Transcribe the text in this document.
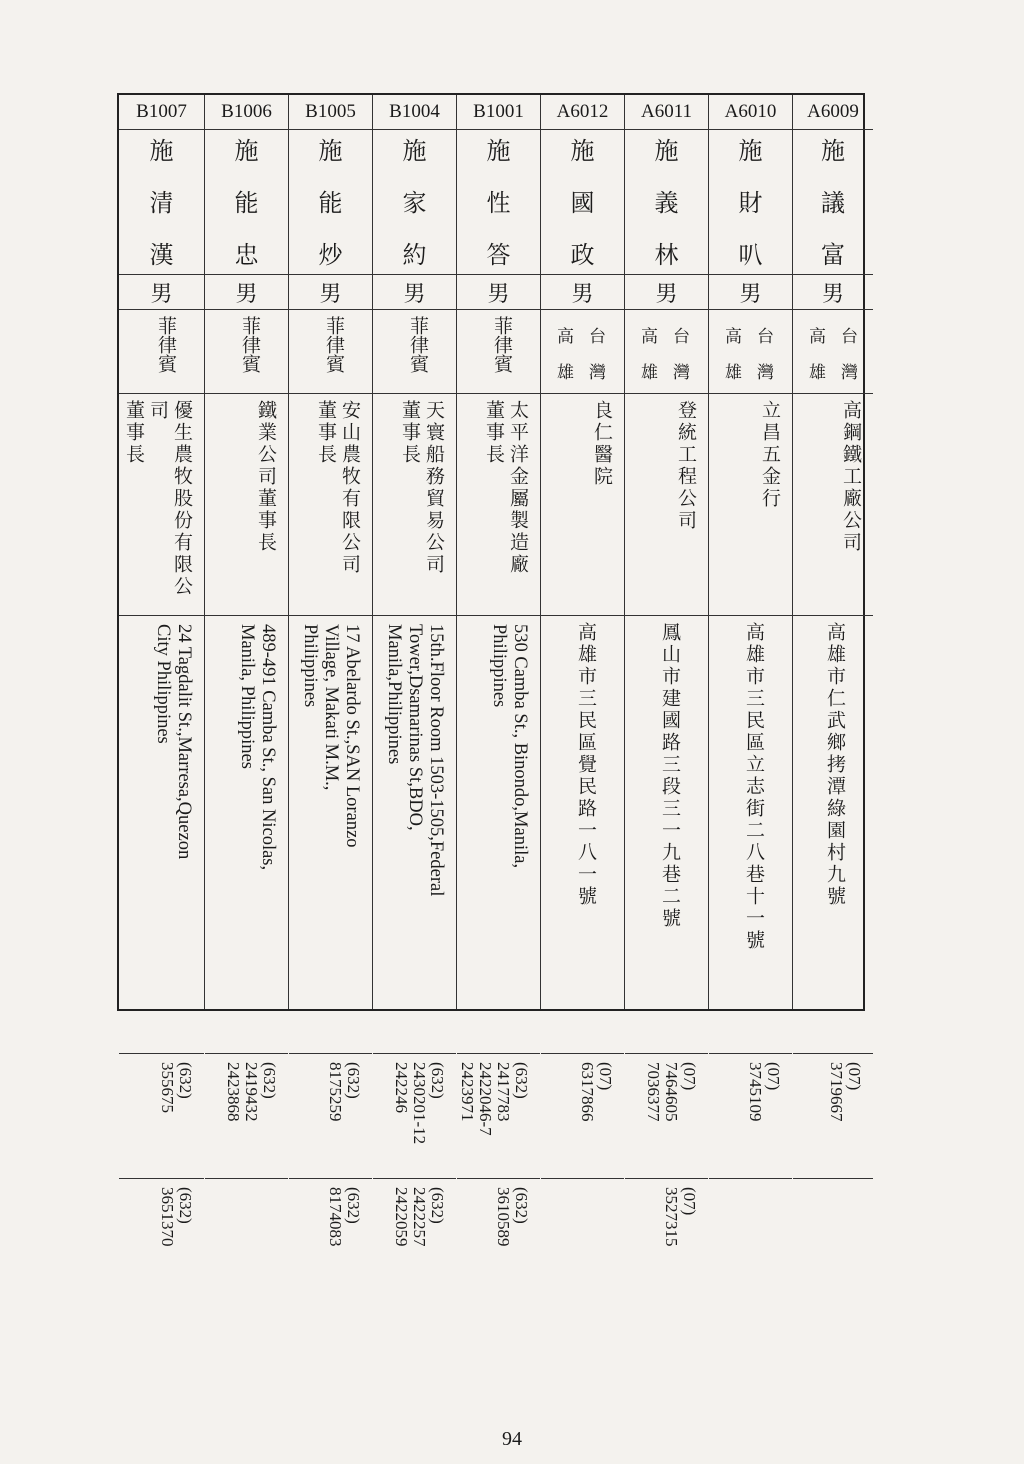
B1007
施
清
漢
男
菲律賓
優生農牧股份有限公
司
董事長
24 Tagdalit St.,Marresa,Quezon
City Philippines
(632)
355675
(632)
3651370
B1006
施
能
忠
男
菲律賓
鐵業公司董事長
489-491 Camba St., San Nicolas,
Manila, Philippines
(632)
2419432
2423868
B1005
施
能
炒
男
菲律賓
安山農牧有限公司
董事長
17 Abelardo St.,SAN Loranzo
Village, Makati M.M.,
Philippines
(632)
8175259
(632)
8174083
B1004
施
家
約
男
菲律賓
天寰船務貿易公司
董事長
15th.Floor Room 1503-1505,Federal
Tower,Dsamarinas St,BDO,
Manila,Philippines
(632)
2430201-12
242246
(632)
2422257
2422059
B1001
施
性
答
男
菲律賓
太平洋金屬製造廠
董事長
530 Camba St., Binondo,Manila,
Philippines
(632)
2417783
2422046-7
2423971
(632)
3610589
A6012
施
國
政
男
台
灣
高
雄
良仁醫院
高雄市三民區覺民路一八一號
(07)
6317866
A6011
施
義
林
男
台
灣
高
雄
登統工程公司
鳳山市建國路三段三一九巷二號
(07)
7464605
7036377
(07)
3527315
A6010
施
財
叭
男
台
灣
高
雄
立昌五金行
高雄市三民區立志街二八巷十一號
(07)
3745109
A6009
施
議
富
男
台
灣
高
雄
高鋼鐵工廠公司
高雄市仁武鄉拷潭綠園村九號
(07)
3719667
94
